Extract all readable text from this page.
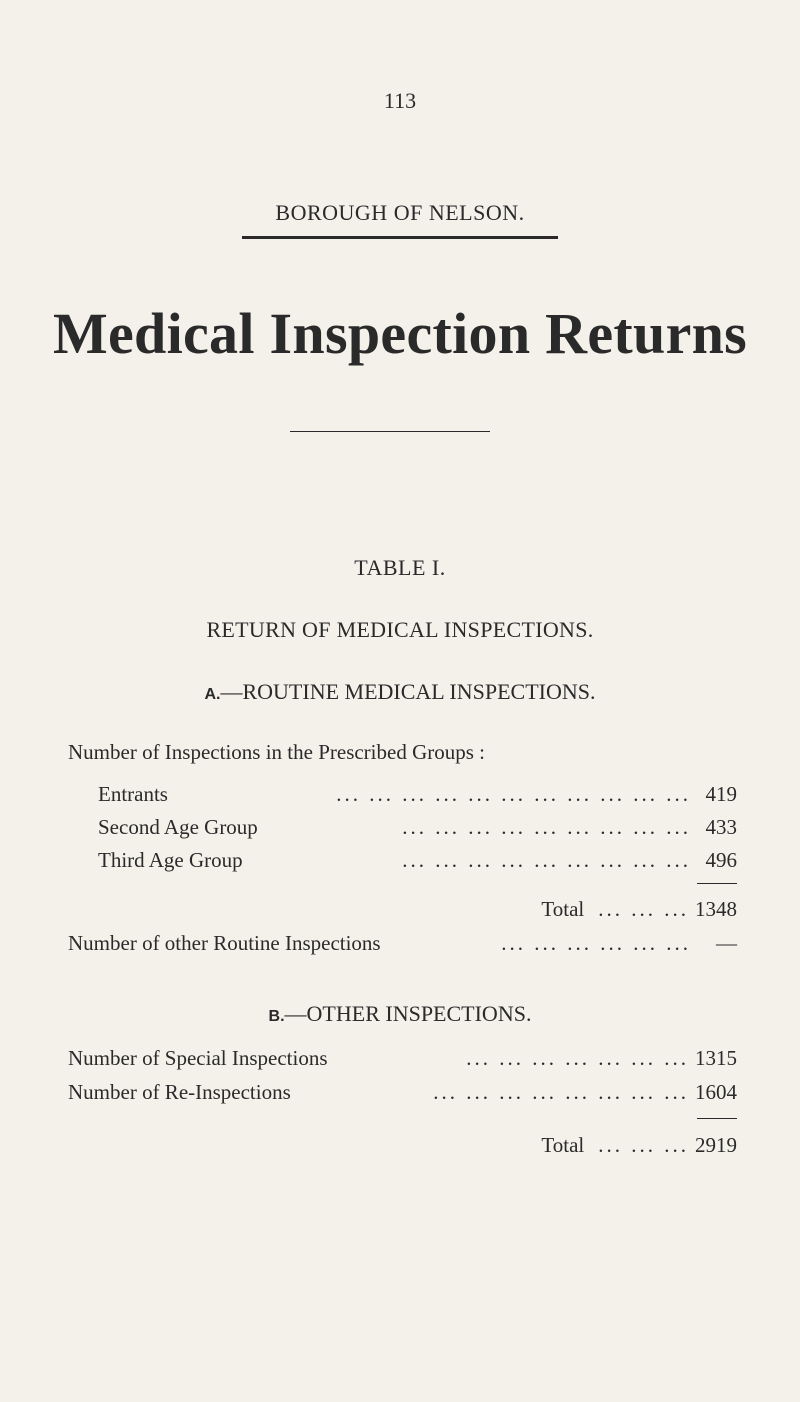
113
BOROUGH OF NELSON.
Medical Inspection Returns
TABLE I.
RETURN OF MEDICAL INSPECTIONS.
A.—ROUTINE MEDICAL INSPECTIONS.
Number of Inspections in the Prescribed Groups :
Entrants	... ... ... ... ... ... ... ... ... ... ... 419
Second Age Group	... ... ... ... ... ... ... ... ... 433
Third Age Group	... ... ... ... ... ... ... ... ... 496
Total ... ... ... 1348
Number of other Routine Inspections	... ... ... ... ... ...	—
B.—OTHER INSPECTIONS.
Number of Special Inspections	... ... ... ... ... ... ... 1315
Number of Re-Inspections	... ... ... ... ... ... ... ... 1604
Total ... ... ... 2919
